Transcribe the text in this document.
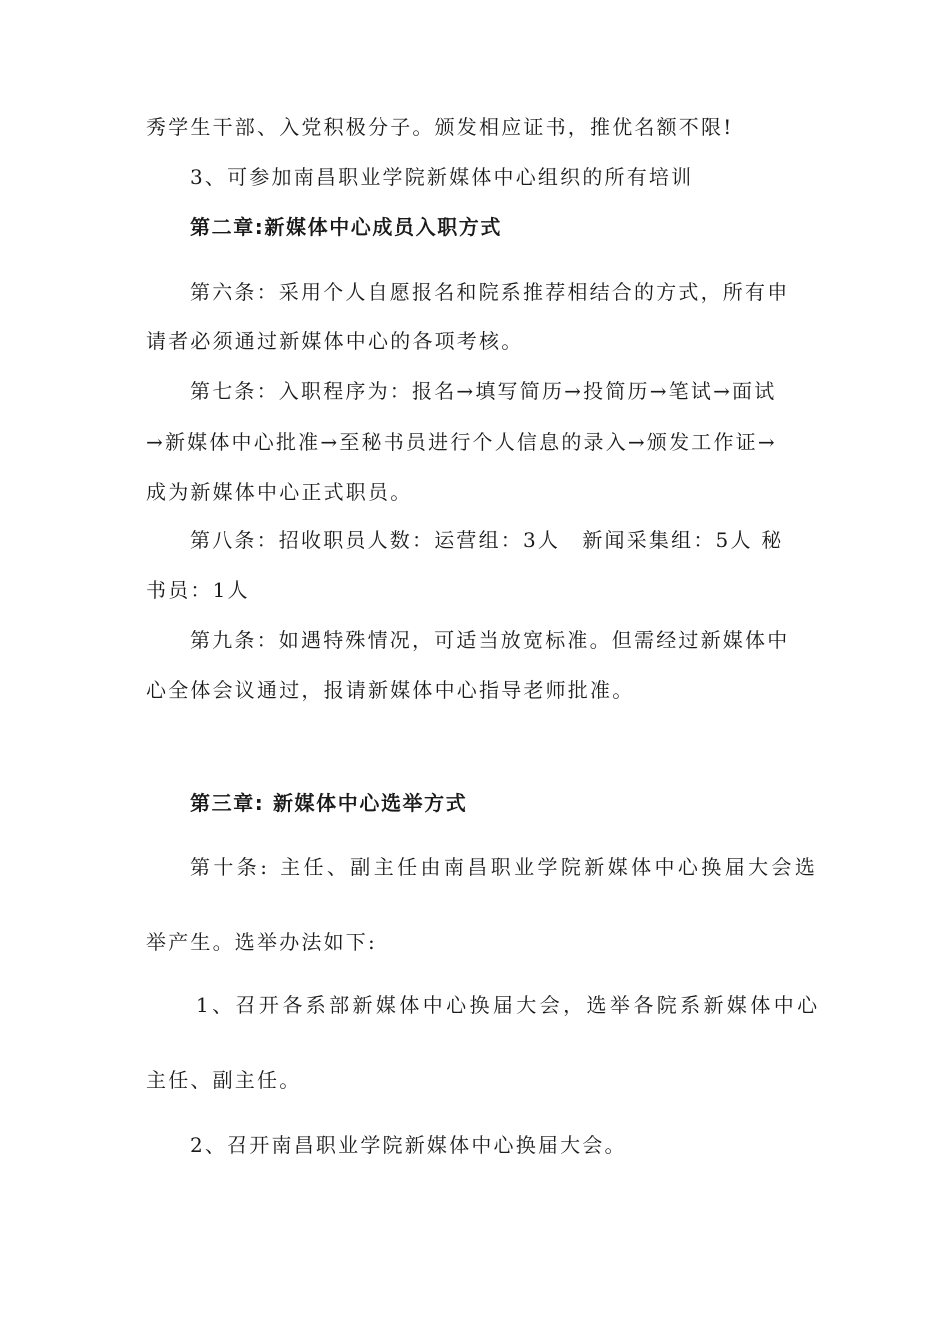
秀学生干部、入党积极分子。颁发相应证书，推优名额不限!
3、可参加南昌职业学院新媒体中心组织的所有培训
第二章:新媒体中心成员入职方式
第六条：采用个人自愿报名和院系推荐相结合的方式，所有申
请者必须通过新媒体中心的各项考核。
第七条：入职程序为：报名→填写简历→投简历→笔试→面试
→新媒体中心批准→至秘书员进行个人信息的录入→颁发工作证→
成为新媒体中心正式职员。
第八条：招收职员人数：运营组：3人　新闻采集组：5人 秘
书员：1人
第九条：如遇特殊情况，可适当放宽标准。但需经过新媒体中
心全体会议通过，报请新媒体中心指导老师批准。
第三章: 新媒体中心选举方式
第十条: 主任、副主任由南昌职业学院新媒体中心换届大会选
举产生。选举办法如下:
1、召开各系部新媒体中心换届大会，选举各院系新媒体中心
主任、副主任。
2、召开南昌职业学院新媒体中心换届大会。
